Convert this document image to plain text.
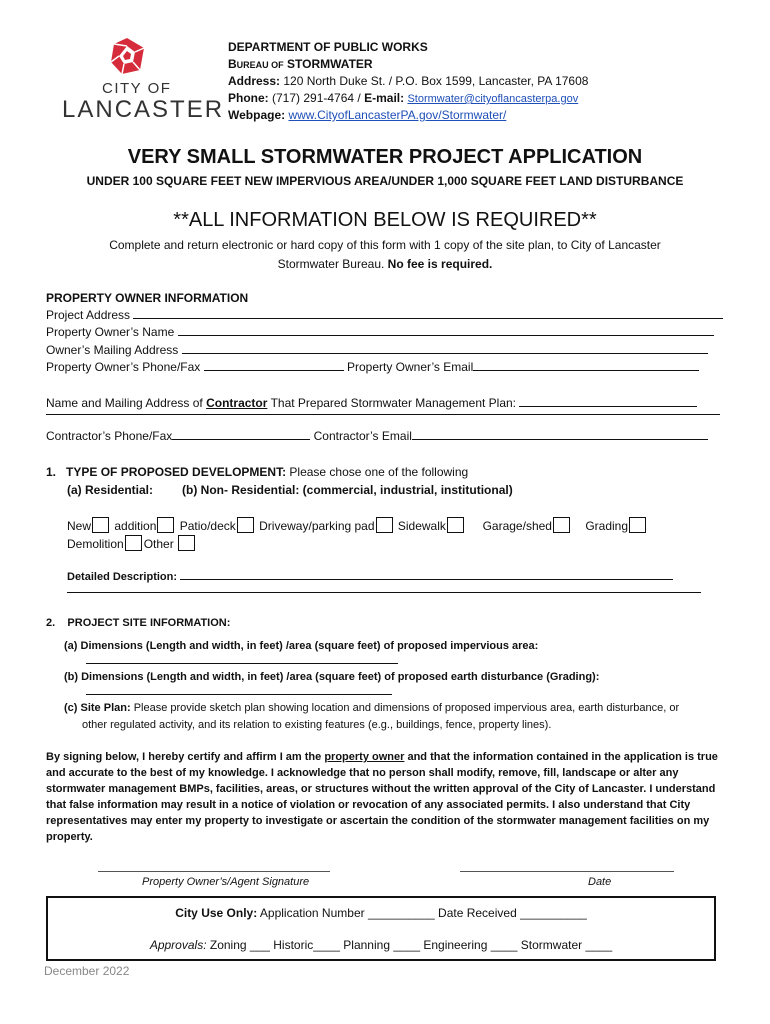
CITY OF
LANCASTER
DEPARTMENT OF PUBLIC WORKS
BUREAU OF STORMWATER
Address: 120 North Duke St. / P.O. Box 1599, Lancaster, PA 17608
Phone: (717) 291-4764 / E-mail: Stormwater@cityoflancasterpa.gov
Webpage: www.CityofLancasterPA.gov/Stormwater/
VERY SMALL STORMWATER PROJECT APPLICATION
UNDER 100 SQUARE FEET NEW IMPERVIOUS AREA/UNDER 1,000 SQUARE FEET LAND DISTURBANCE
**ALL INFORMATION BELOW IS REQUIRED**
Complete and return electronic or hard copy of this form with 1 copy of the site plan, to City of Lancaster
Stormwater Bureau. No fee is required.
PROPERTY OWNER INFORMATION
Project Address
Property Owner’s Name
Owner’s Mailing Address
Property Owner’s Phone/Fax	Property Owner’s Email
Name and Mailing Address of Contractor That Prepared Stormwater Management Plan:
Contractor’s Phone/Fax	Contractor’s Email
1. TYPE OF PROPOSED DEVELOPMENT: Please chose one of the following
(a) Residential: (b) Non- Residential: (commercial, industrial, institutional)
New addition Patio/deck Driveway/parking pad Sidewalk	Garage/shed	Grading
Demolition Other
Detailed Description:
2. PROJECT SITE INFORMATION:
(a) Dimensions (Length and width, in feet) /area (square feet) of proposed impervious area:
(b) Dimensions (Length and width, in feet) /area (square feet) of proposed earth disturbance (Grading):
(c) Site Plan: Please provide sketch plan showing location and dimensions of proposed impervious area, earth disturbance, or
other regulated activity, and its relation to existing features (e.g., buildings, fence, property lines).
By signing below, I hereby certify and affirm I am the property owner and that the information contained in the application is true and accurate to the best of my knowledge. I acknowledge that no person shall modify, remove, fill, landscape or alter any stormwater management BMPs, facilities, areas, or structures without the written approval of the City of Lancaster. I understand that false information may result in a notice of violation or revocation of any associated permits. I also understand that City representatives may enter my property to investigate or ascertain the condition of the stormwater management facilities on my property.
Property Owner’s/Agent Signature	Date
City Use Only: Application Number __________ Date Received __________
Approvals: Zoning ___ Historic____ Planning ____ Engineering ____ Stormwater ____
December 2022
